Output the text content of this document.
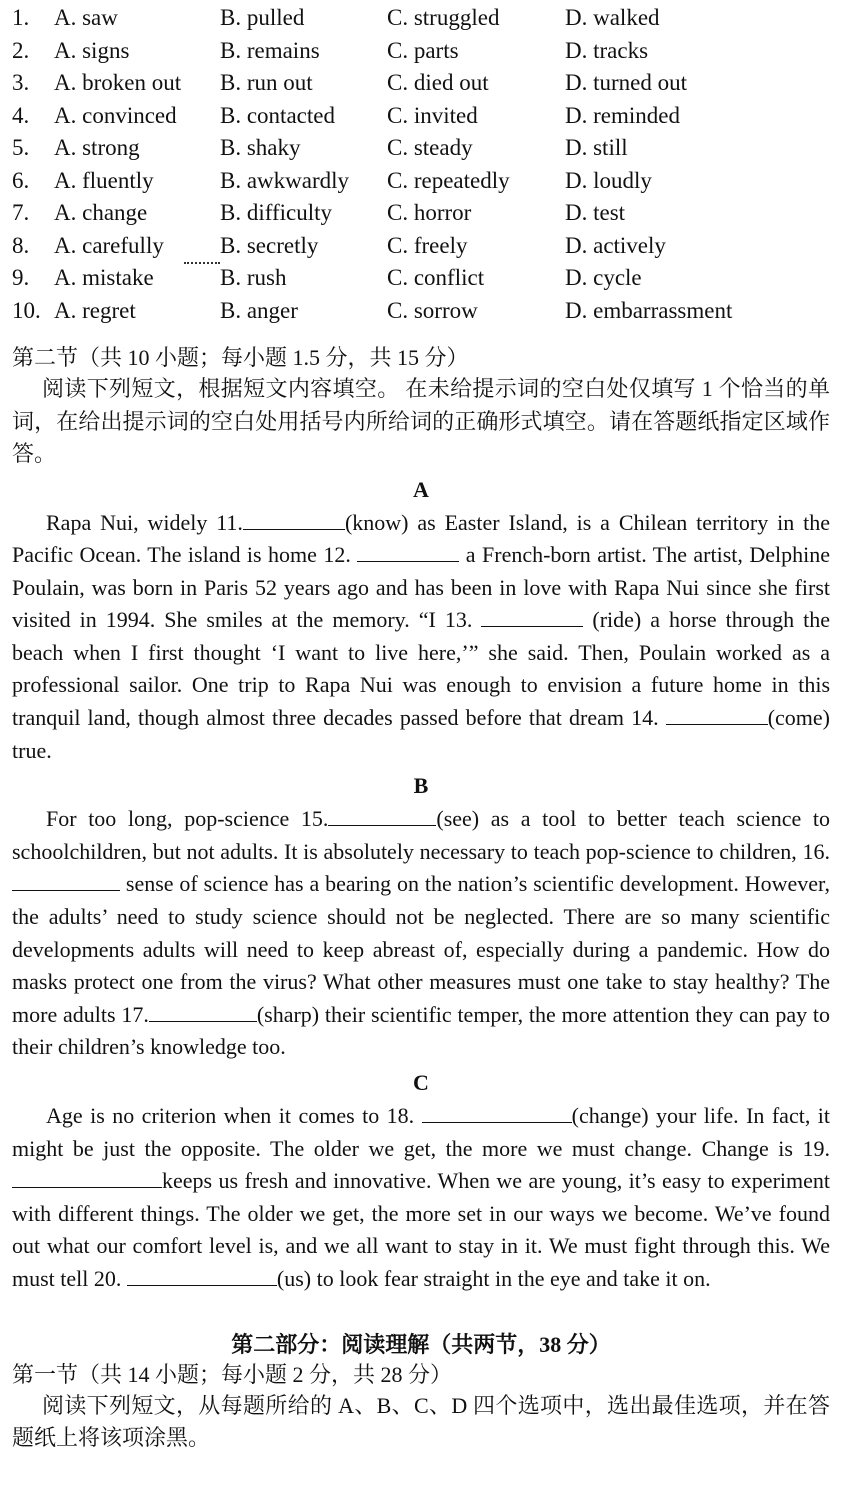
1. A. saw	B. pulled	C. struggled	D. walked
2. A. signs	B. remains	C. parts	D. tracks
3. A. broken out B. run out	C. died out	D. turned out
4. A. convinced B. contacted C. invited	D. reminded
5. A. strong	B. shaky	C. steady	D. still
6. A. fluently	B. awkwardly C. repeatedly D. loudly
7. A. change	B. difficulty C. horror	D. test
8. A. carefully B. secretly	C. freely	D. actively
9. A. mistake	B. rush	C. conflict	D. cycle
10. A. regret	B. anger	C. sorrow	D. embarrassment
第二节（共 10 小题；每小题 1.5 分，共 15 分）

阅读下列短文，根据短文内容填空。 在未给提示词的空白处仅填写 1 个恰当的单词，在给出提示词的空白处用括号内所给词的正确形式填空。请在答题纸指定区域作答。

A

Rapa Nui, widely 11.	(know) as Easter Island, is a Chilean territory in the Pacific Ocean. The island is home 12.	a French-born artist. The artist, Delphine Poulain, was born in Paris 52 years ago and has been in love with Rapa Nui since she first visited in 1994. She smiles at the memory. “I 13.	(ride) a horse through the beach when I first thought ‘I want to live here,’” she said. Then, Poulain worked as a professional sailor. One trip to Rapa Nui was enough to envision a future home in this tranquil land, though almost three decades passed before that dream 14.	(come) true.

B

For too long, pop-science 15.	(see) as a tool to better teach science to schoolchildren, but not adults. It is absolutely necessary to teach pop-science to children, 16. sense of science has a bearing on the nation’s scientific development. However, the adults’ need to study science should not be neglected. There are so many scientific developments adults will need to keep abreast of, especially during a pandemic. How do masks protect one from the virus? What other measures must one take to stay healthy? The more adults 17.	(sharp) their scientific temper, the more attention they can pay to their children’s knowledge too.

C

Age is no criterion when it comes to 18.	(change) your life. In fact, it might be just the opposite. The older we get, the more we must change. Change is 19. keeps us fresh and innovative. When we are young, it’s easy to experiment with different things. The older we get, the more set in our ways we become. We’ve found out what our comfort level is, and we all want to stay in it. We must fight through this. We must tell 20.	(us) to look fear straight in the eye and take it on.

第二部分：阅读理解（共两节，38 分）
第一节（共 14 小题；每小题 2 分，共 28 分）

阅读下列短文，从每题所给的 A、B、C、D 四个选项中，选出最佳选项，并在答题纸上将该项涂黑。
